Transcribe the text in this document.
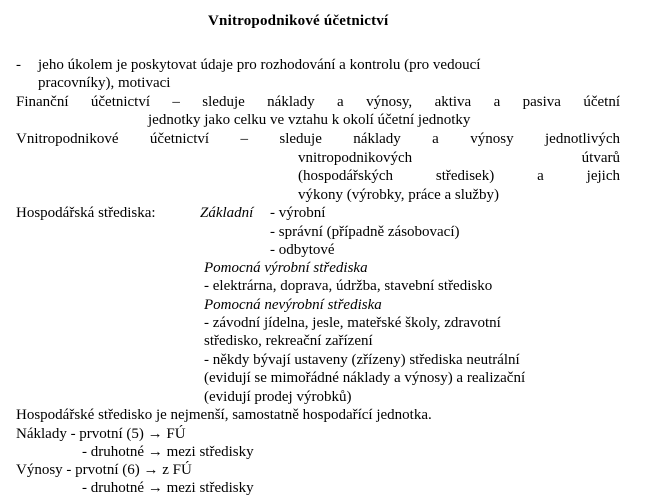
Vnitropodnikové účetnictví
- jeho úkolem je poskytovat údaje pro rozhodování a kontrolu (pro vedoucí
pracovníky), motivaci
Finanční účetnictví – sleduje náklady a výnosy, aktiva a pasiva účetní
jednotky jako celku ve vztahu k okolí účetní jednotky
Vnitropodnikové účetnictví – sleduje náklady a výnosy jednotlivých
vnitropodnikových	útvarů
(hospodářských	středisek)	a	jejich
výkony (výrobky, práce a služby)
Hospodářská střediska:	Základní - výrobní
- správní (případně zásobovací)
- odbytové
Pomocná výrobní střediska
- elektrárna, doprava, údržba, stavební středisko
Pomocná nevýrobní střediska
- závodní jídelna, jesle, mateřské školy, zdravotní
středisko, rekreační zařízení
- někdy bývají ustaveny (zřízeny) střediska neutrální
(evidují se mimořádné náklady a výnosy) a realizační
(evidují prodej výrobků)
Hospodářské středisko je nejmenší, samostatně hospodařící jednotka.
Náklady - prvotní (5) → FÚ
- druhotné → mezi středisky
Výnosy - prvotní (6) → z FÚ
- druhotné → mezi středisky
